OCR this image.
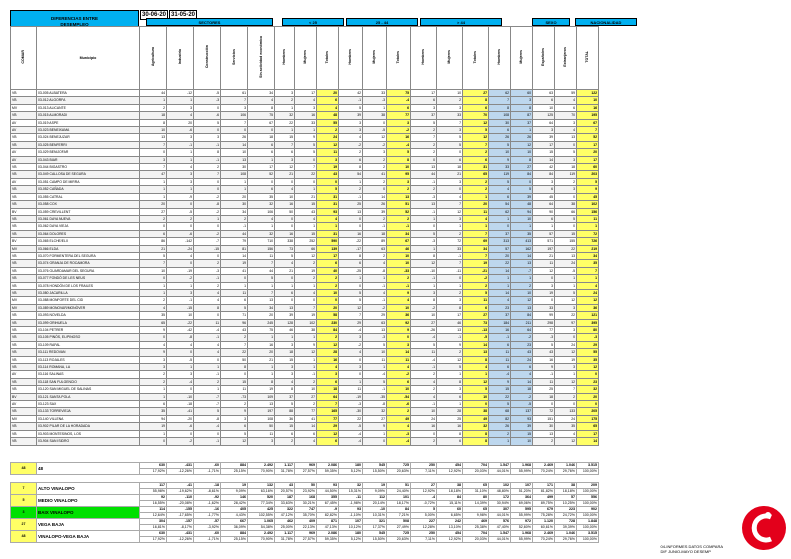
DIFERENCIAS ENTRE
DESEMPLEO
30-06-20 31-05-20
SECTORES	< 25	25 - 44	> 44	SEXO	NACIONALIDAD
COMAR	Municipio	Agricultura	Industria	Construcción	Servicios	Sin actividad económica	Hombres	Mujeres	Totales	Hombres	Mujeres	Totales	Hombres	Mujeres	Totales	Hombres	Mujeres	Españoles	Extranjeros	TOTAL
VB	03-005 ALBATERA	44	-12	-5	61	34	3	17	20	42	33	75	17	10	27	62	60	63	59	122
VB	03-012 ALGORFA	1	1	-3	7	4	2	4	6	-1	-3	-4	6	2	8	7	3	6	4	10
MV	03-013 ALICANTE	2	3	0	3	8	1	3	4	5	1	6	3	3	6	8	8	10	6	16
VB	03-015 ALMORADI	18	4	-6	106	75	32	16	48	39	38	77	37	33	70	108	87	125	70	195
AV	03-019 ASPE	8	20	5	7	67	22	33	55	3	0	3	5	7	12	30	37	64	3	67
AV	03-023 BENEIXAMA	10	-6	0	0	0	1	1	2	3	-5	-2	2	3	5	6	1	3	4	7
VB	03-024 BENEJUZAR	13	3	3	26	18	15	9	24	4	12	16	7	5	12	26	26	39	13	52
VB	03-025 BENFERRI	7	-1	-1	14	6	7	5	12	-2	-2	-4	2	5	7	5	12	17	0	17
AV	03-029 BENIJOFAR	0	1	8	10	6	6	5	11	2	3	5	2	0	2	10	10	15	5	20
AV	03-043 BIAR	3	1	-1	13	1	3	0	3	6	2	8	0	6	6	9	8	14	3	17
VB	03-044 BIGASTRO	7	4	2	30	17	12	7	19	8	2	10	13	18	31	33	27	42	18	60
VB	03-049 CALLOSA DE SEGURA	47	3	7	108	52	21	22	43	54	41	95	44	21	65	119	84	84	119	203
AV	03-051 CAMPO DE MIRRA	1	3	0	1	0	0	0	0	1	2	3	-1	3	2	5	0	3	2	5
VB	03-052 CAÑADA	1	1	0	1	6	4	1	5	2	0	2	2	0	2	4	5	6	3	9
VB	03-055 CATRAL	1	-9	-2	20	35	10	21	31	-1	14	13	-3	4	1	6	39	45	0	45
VB	03-058 COX	20	0	-8	30	32	16	15	31	25	26	51	13	7	20	54	48	64	38	102
BV	03-059 CREVILLENT	27	-5	-2	34	106	50	43	93	13	39	52	-1	12	11	62	94	90	66	156
VB	03-061 DAYA NUEVA	2	2	1	2	4	0	4	4	0	2	2	1	3	4	1	10	6	5	11
VB	03-062 DAYA VIEJA	0	0	0	-1	1	0	1	1	0	-1	-1	0	1	1	0	1	1	0	1
VB	03-064 DOLORES	6	-6	-2	44	32	16	15	31	16	18	34	5	2	7	37	35	57	15	72
BV	03-065 ELCHE/ELX	86	-142	-7	79	710	338	252	590	-22	89	67	-3	72	69	313	413	571	155	726
MV	03-066 ELDA	21	-24	-15	81	156	73	66	139	-17	63	46	1	33	34	57	162	197	22	219
VB	03-070 FORMENTERA DEL SEGURA	5	4	0	14	11	5	12	17	8	2	10	8	-1	7	20	14	21	13	34
VB	03-074 GRANJA DE ROCAMORA	7	0	2	19	7	4	2	6	6	4	10	12	7	19	22	13	11	24	35
VB	03-076 GUARDAMAR DEL SEGURA	10	-19	-3	41	44	21	19	40	-25	-8	-33	-10	-11	-21	14	-7	12	-5	7
VB	03-077 FONDÓ DE LES NEUS	0	-2	-1	0	5	0	2	2	1	1	2	-1	0	-2	1	1	0	1	1
VB	03-078 HONDÓN DE LOS FRAILES	1	1	2	1	1	1	1	2	0	-1	-1	1	1	2	1	2	3	1	4
VB	03-080 JACARILLA	1	3	4	11	7	6	4	10	5	4	9	3	2	5	14	10	19	5	24
MV	03-088 MONFORTE DEL CID	2	-1	4	6	13	0	0	0	5	-1	4	8	3	11	4	12	0	12	12
MV	03-089 MONOVAR/MONÒVER	4	-15	8	5	34	13	7	20	12	-2	10	-2	8	6	23	13	33	3	36
VB	03-093 NOVELDA	35	10	0	71	20	39	19	58	7	29	36	10	17	27	37	84	99	22	121
VB	03-099 ORIHUELA	65	-22	11	96	245	128	102	230	29	63	92	27	46	73	184	211	298	97	395
VB	03-104 PETRER	9	-42	-4	43	75	46	38	84	-4	13	9	-26	13	-13	16	64	77	3	80
VB	03-105 PINÓS, EL/PINOSO	0	-8	-1	2	1	1	1	2	3	-3	0	-4	-1	-5	-1	-2	-3	0	-3
VB	03-109 RAFAL	4	4	4	7	16	3	9	12	-2	5	3	5	9	14	6	23	5	24	29
VB	03-111 REDOVAN	9	0	4	22	20	18	12	28	4	10	14	11	2	13	11	43	43	12	55
VB	03-113 ROJALES	3	-5	0	50	21	15	1	16	0	11	11	-4	12	8	11	24	16	19	35
VB	03-114 ROMANA, LA	3	1	1	8	1	3	1	4	3	1	4	-1	5	4	6	6	9	3	12
AV	03-116 SALINAS	2	3	-1	0	1	3	-1	3	0	-4	-2	2	1	1	-4	4	-1	1	0
VB	03-118 SAN FULGENCIO	2	-4	2	15	8	4	2	6	1	5	6	4	8	12	9	14	11	12	23
VB	03-120 SAN MIGUEL DE SALINAS	1	0	1	11	19	8	10	18	11	-1	10	2	3	5	15	18	25	7	32
BV	03-121 SANTA POLA	1	-10	-7	-73	109	37	27	64	-19	-35	-54	4	6	10	22	-2	18	2	20
AV	03-123 SAX	6	-18	-7	2	13	5	2	7	-3	-8	-6	-1	1	0	5	-5	0	0	0
VB	03-133 TORREVIEJA	35	-41	5	9	197	88	77	165	-30	32	2	10	28	38	68	137	72	133	205
MV	03-140 VILLENA	94	-20	-8	3	108	36	41	77	22	27	49	24	25	49	82	93	151	24	175
VB	03-902 PILAR DE LA HORADADA	19	-6	-4	6	50	15	14	29	-5	9	4	16	16	32	26	39	30	35	65
VB	03-903 MONTESINOS, LOS	1	0	0	5	11	6	6	12	-4	1	-3	0	8	8	2	15	13	4	17
VB	03-904 SAN ISIDRO	0	-2	-1	12	3	2	4	6	-4	0	-4	2	6	8	1	10	2	12	14
48	48	630	-431	-60	884	2.492	1.117	969	2.086	180	545	725	250	454	704	1.547	1.968	2.469	1.046	3.515
		17,92%	-12,26%	-1,71%	25,15%	70,90%	31,78%	27,57%	59,35%	5,12%	15,50%	20,63%	7,11%	12,92%	20,03%	44,01%	55,99%	70,24%	29,76%	100,00%
7	ALTO VINALOPO	117	-41	-18	19	132	43	50	93	32	19	51	27	38	65	102	107	171	38	209
		55,98%	-19,62%	-8,61%	9,09%	63,16%	20,57%	23,92%	44,50%	15,31%	9,09%	24,40%	12,92%	18,18%	31,10%	48,80%	51,20%	81,82%	18,18%	100,00%
5	MEDIO VINALOPO	92	-110	-92	146	520	187	168	355	-11	112	101	-4	84	80	172	364	499	57	556
		16,55%	-20,08%	-1,62%	28,42%	77,34%	33,63%	30,21%	67,45%	-1,98%	20,14%	18,17%	-0,72%	15,11%	14,39%	30,94%	69,06%	89,75%	10,25%	100,00%
3	BAIX VINALOPO	114	-155	-16	405	425	322	747	-9	93	-10	84	5	60	65	307	595	679	223	902
		12,64%	-17,65%	-1,77%	4,43%	102,55%	47,12%	35,70%	82,82%	-1,10%	10,31%	7,21%	5,00%	6,65%	9,98%	44,01%	55,99%	75,28%	24,72%	100,00%
27	VEGA BAJA	304	-157	-57	667	1.065	462	409	871	107	321	508	227	242	469	576	972	1.120	728	1.848
		16,81%	-8,17%	-3,92%	36,09%	54,38%	25,00%	22,13%	47,13%	10,12%	17,37%	27,49%	12,28%	13,10%	25,38%	47,40%	52,60%	60,61%	39,39%	100,00%
48	VINALOPO-VEGA BAJA	630	-431	-60	884	2.492	1.117	969	2.086	180	545	725	250	454	704	1.547	1.968	2.469	1.046	3.515
		17,92%	-12,26%	-1,71%	25,15%	70,90%	31,78%	27,57%	59,35%	5,12%	15,50%	20,63%	7,11%	12,92%	20,03%	44,01%	55,99%	70,24%	29,76%	100,00%
04-INFORMES DATOS COMPARA
DIF JUNIO-MAYO DESEMP
